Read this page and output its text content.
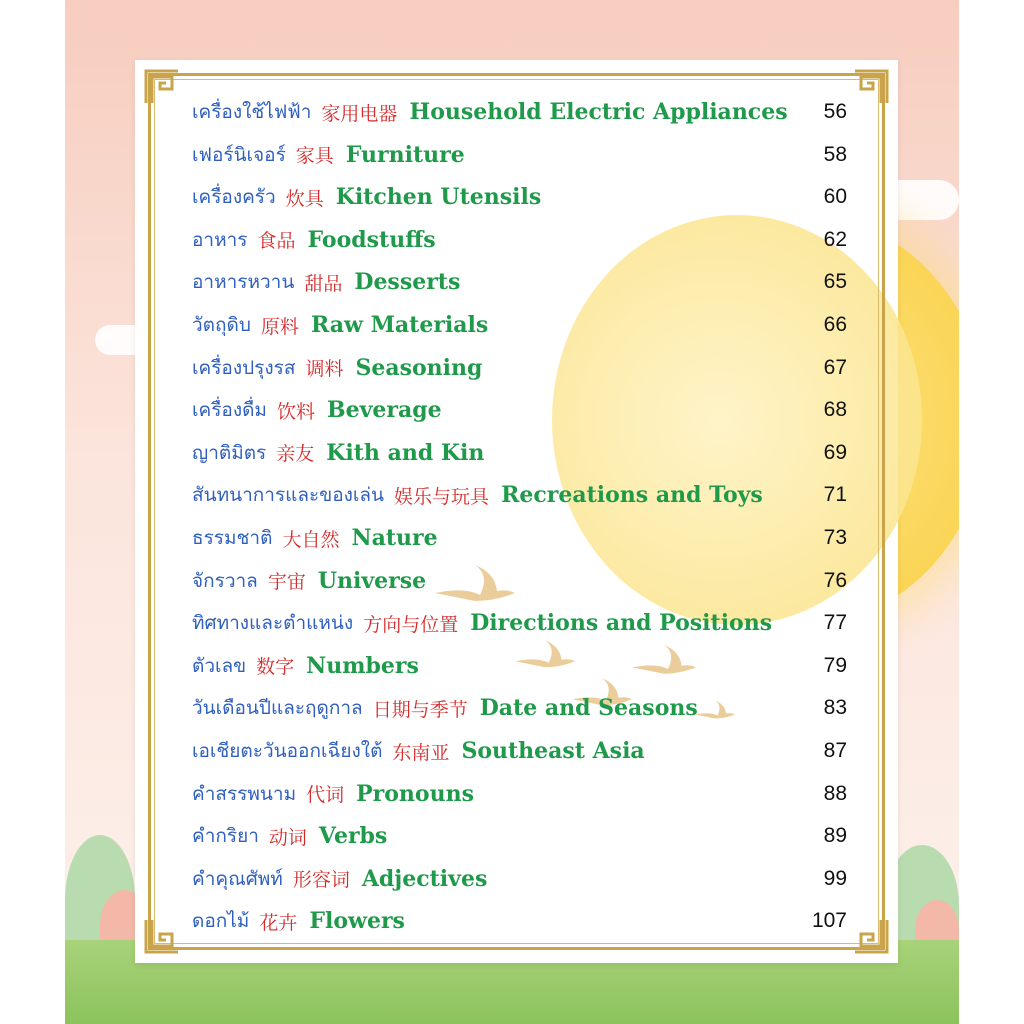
เครื่องใช้ไฟฟ้า 家用电器 Household Electric Appliances 56
เฟอร์นิเจอร์ 家具 Furniture	58
เครื่องครัว 炊具 Kitchen Utensils	60
อาหาร 食品 Foodstuffs	62
อาหารหวาน 甜品 Desserts	65
วัตถุดิบ 原料 Raw Materials	66
เครื่องปรุงรส 调料 Seasoning	67
เครื่องดื่ม 饮料 Beverage	68
ญาติมิตร 亲友 Kith and Kin	69
สันทนาการและของเล่น 娱乐与玩具 Recreations and Toys	71
ธรรมชาติ 大自然 Nature	73
จักรวาล 宇宙 Universe	76
ทิศทางและตำแหน่ง 方向与位置 Directions and Positions 77
ตัวเลข 数字 Numbers	79
วันเดือนปีและฤดูกาล 日期与季节 Date and Seasons	83
เอเชียตะวันออกเฉียงใต้ 东南亚 Southeast Asia	87
คำสรรพนาม 代词 Pronouns	88
คำกริยา 动词 Verbs	89
คำคุณศัพท์ 形容词 Adjectives	99
ดอกไม้ 花卉 Flowers	107
